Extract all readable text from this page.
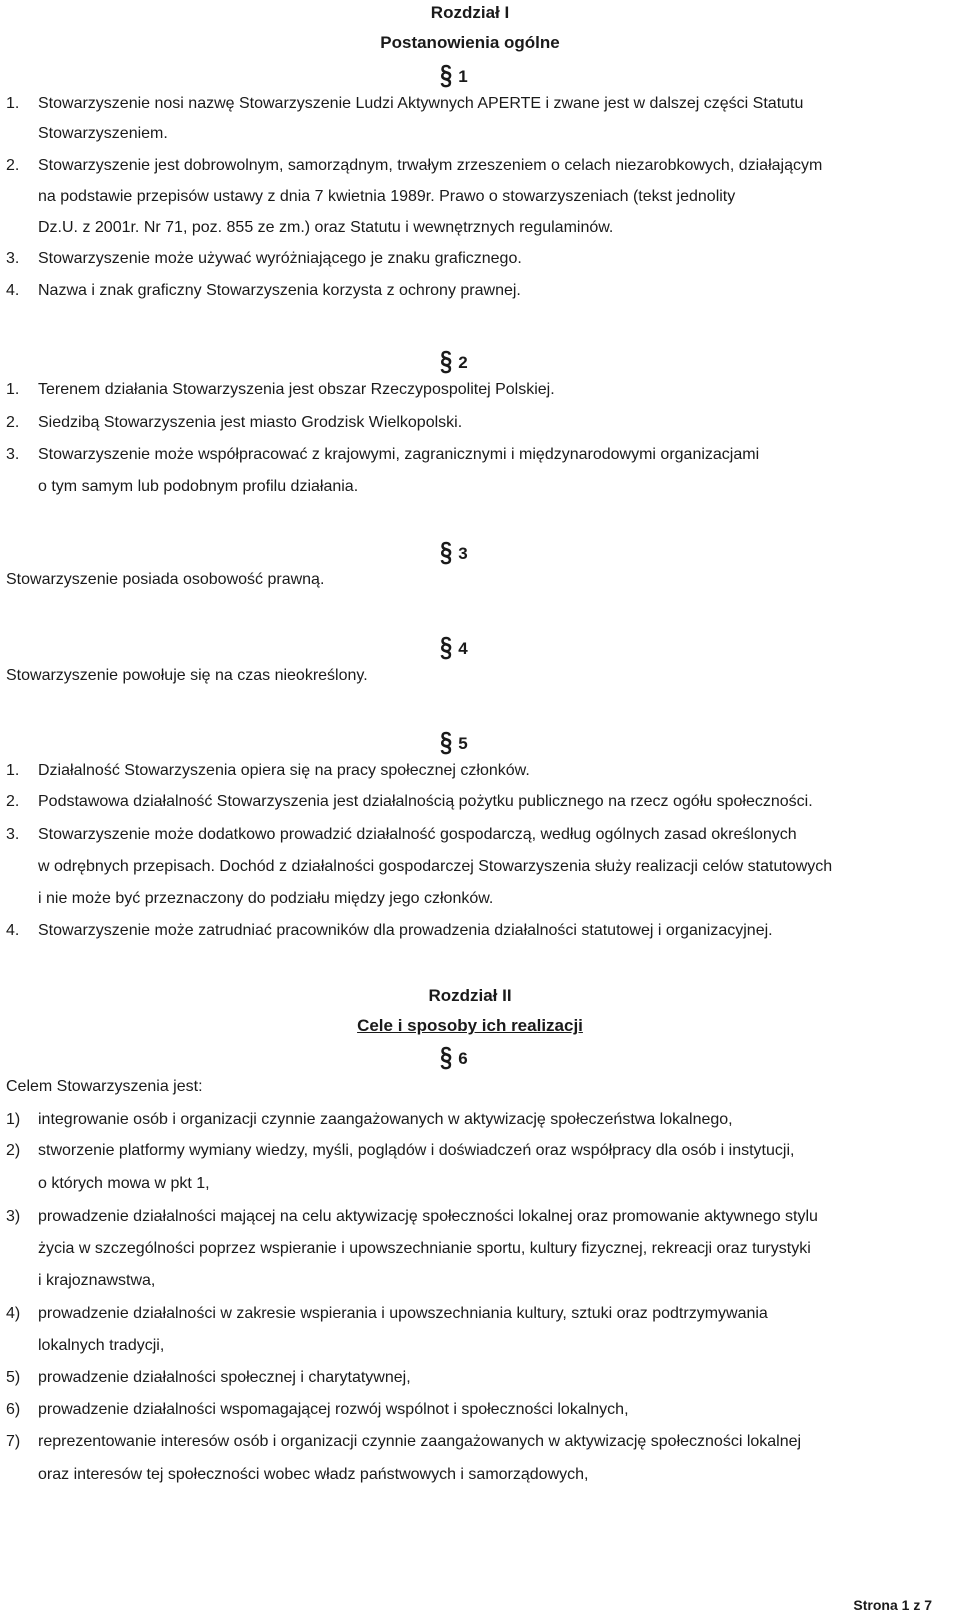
Rozdział I
Postanowienia ogólne
§ 1
1. Stowarzyszenie nosi nazwę Stowarzyszenie Ludzi Aktywnych APERTE i zwane jest w dalszej części Statutu
Stowarzyszeniem.
2. Stowarzyszenie jest dobrowolnym, samorządnym, trwałym zrzeszeniem o celach niezarobkowych, działającym
na podstawie przepisów ustawy z dnia 7 kwietnia 1989r. Prawo o stowarzyszeniach (tekst jednolity
Dz.U. z 2001r. Nr 71, poz. 855 ze zm.) oraz Statutu i wewnętrznych regulaminów.
3. Stowarzyszenie może używać wyróżniającego je znaku graficznego.
4. Nazwa i znak graficzny Stowarzyszenia korzysta z ochrony prawnej.
§ 2
1. Terenem działania Stowarzyszenia jest obszar Rzeczypospolitej Polskiej.
2. Siedzibą Stowarzyszenia jest miasto Grodzisk Wielkopolski.
3. Stowarzyszenie może współpracować z krajowymi, zagranicznymi i międzynarodowymi organizacjami
o tym samym lub podobnym profilu działania.
§ 3
Stowarzyszenie posiada osobowość prawną.
§ 4
Stowarzyszenie powołuje się na czas nieokreślony.
§ 5
1. Działalność Stowarzyszenia opiera się na pracy społecznej członków.
2. Podstawowa działalność Stowarzyszenia jest działalnością pożytku publicznego na rzecz ogółu społeczności.
3. Stowarzyszenie może dodatkowo prowadzić działalność gospodarczą, według ogólnych zasad określonych
w odrębnych przepisach. Dochód z działalności gospodarczej Stowarzyszenia służy realizacji celów statutowych
i nie może być przeznaczony do podziału między jego członków.
4. Stowarzyszenie może zatrudniać pracowników dla prowadzenia działalności statutowej i organizacyjnej.
Rozdział II
Cele i sposoby ich realizacji
§ 6
Celem Stowarzyszenia jest:
1) integrowanie osób i organizacji czynnie zaangażowanych w aktywizację społeczeństwa lokalnego,
2) stworzenie platformy wymiany wiedzy, myśli, poglądów i doświadczeń oraz współpracy dla osób i instytucji,
o których mowa w pkt 1,
3) prowadzenie działalności mającej na celu aktywizację społeczności lokalnej oraz promowanie aktywnego stylu
życia w szczególności poprzez wspieranie i upowszechnianie sportu, kultury fizycznej, rekreacji oraz turystyki
i krajoznawstwa,
4) prowadzenie działalności w zakresie wspierania i upowszechniania kultury, sztuki oraz podtrzymywania
lokalnych tradycji,
5) prowadzenie działalności społecznej i charytatywnej,
6) prowadzenie działalności wspomagającej rozwój wspólnot i społeczności lokalnych,
7) reprezentowanie interesów osób i organizacji czynnie zaangażowanych w aktywizację społeczności lokalnej
oraz interesów tej społeczności wobec władz państwowych i samorządowych,
Strona 1 z 7
